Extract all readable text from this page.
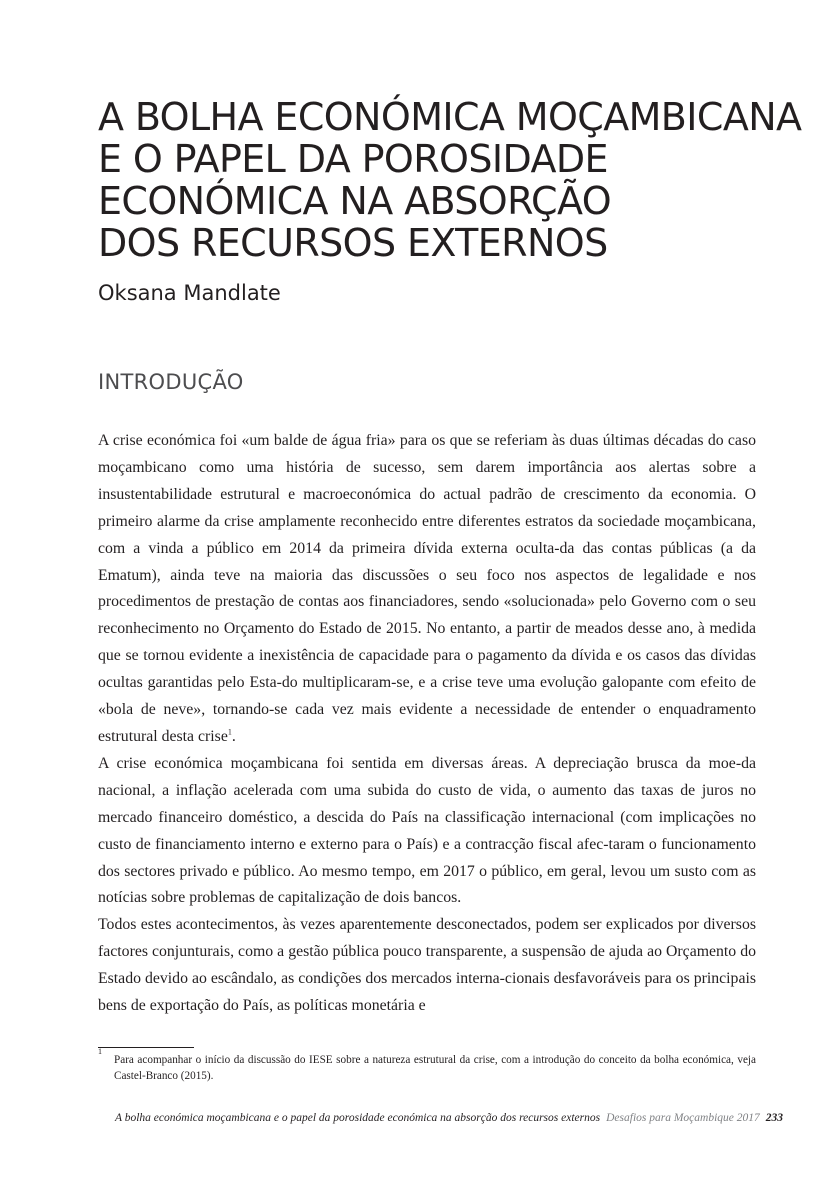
A BOLHA ECONÓMICA MOÇAMBICANA
E O PAPEL DA POROSIDADE
ECONÓMICA NA ABSORÇÃO
DOS RECURSOS EXTERNOS
Oksana Mandlate
INTRODUÇÃO

A crise económica foi «um balde de água fria» para os que se referiam às duas últimas décadas do caso moçambicano como uma história de sucesso, sem darem importância aos alertas sobre a insustentabilidade estrutural e macroeconómica do actual padrão de crescimento da economia. O primeiro alarme da crise amplamente reconhecido entre diferentes estratos da sociedade moçambicana, com a vinda a público em 2014 da primeira dívida externa oculta-da das contas públicas (a da Ematum), ainda teve na maioria das discussões o seu foco nos aspectos de legalidade e nos procedimentos de prestação de contas aos financiadores, sendo «solucionada» pelo Governo com o seu reconhecimento no Orçamento do Estado de 2015. No entanto, a partir de meados desse ano, à medida que se tornou evidente a inexistência de capacidade para o pagamento da dívida e os casos das dívidas ocultas garantidas pelo Esta-do multiplicaram-se, e a crise teve uma evolução galopante com efeito de «bola de neve», tornando-se cada vez mais evidente a necessidade de entender o enquadramento estrutural desta crise$^1$.

A crise económica moçambicana foi sentida em diversas áreas. A depreciação brusca da moe-da nacional, a inflação acelerada com uma subida do custo de vida, o aumento das taxas de juros no mercado financeiro doméstico, a descida do País na classificação internacional (com implicações no custo de financiamento interno e externo para o País) e a contracção fiscal afec-taram o funcionamento dos sectores privado e público. Ao mesmo tempo, em 2017 o público, em geral, levou um susto com as notícias sobre problemas de capitalização de dois bancos.

Todos estes acontecimentos, às vezes aparentemente desconectados, podem ser explicados por diversos factores conjunturais, como a gestão pública pouco transparente, a suspensão de ajuda ao Orçamento do Estado devido ao escândalo, as condições dos mercados interna-cionais desfavoráveis para os principais bens de exportação do País, as políticas monetária e

1
Para acompanhar o início da discussão do IESE sobre a natureza estrutural da crise, com a introdução do conceito da bolha económica, veja Castel-Branco (2015).
A bolha económica moçambicana e o papel da porosidade económica na absorção dos recursos externos Desafios para Moçambique 2017 233
